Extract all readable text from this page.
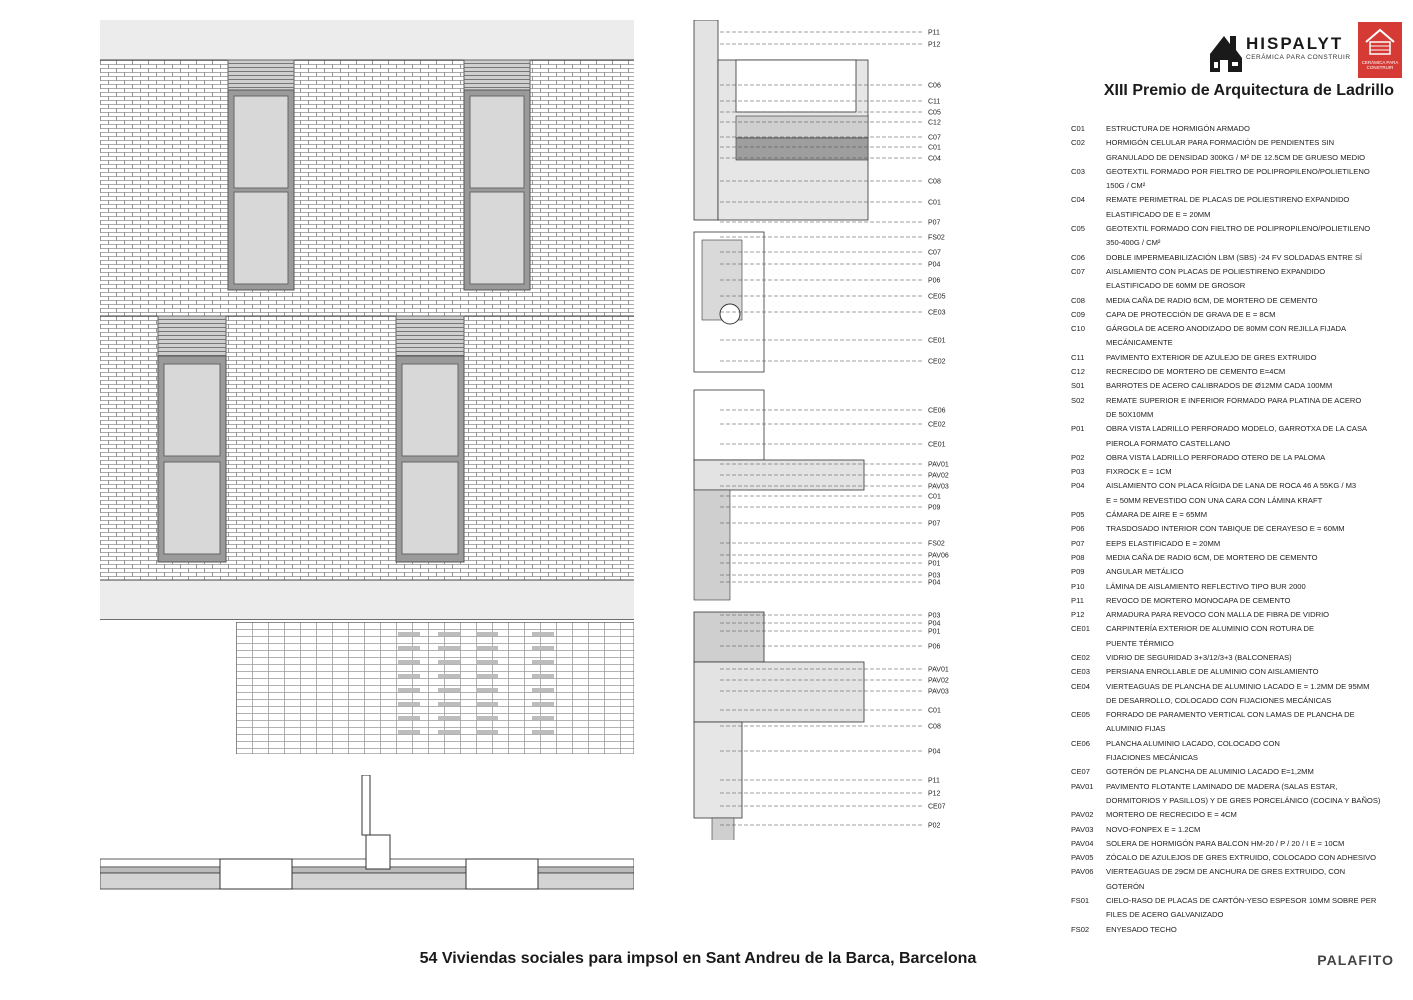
P11
P12
C06
C11
C05
C12
C07
C01
C04
C08
C01
P07
FS02
C07
P04
P06
CE05
CE03
CE01
CE02
CE06
CE02
CE01
PAV01
PAV02
PAV03
C01
P09
P07
FS02
PAV06
P01
P03
P04
P03
P04
P01
P06
PAV01
PAV02
PAV03
C01
C08
P04
P11
P12
CE07
P02
HISPALYT
CERÁMICA PARA CONSTRUIR
CERÁMICA PARA CONSTRUIR
XIII Premio de Arquitectura de Ladrillo
C01	ESTRUCTURA DE HORMIGÓN ARMADO
C02	HORMIGÓN CELULAR PARA FORMACIÓN DE PENDIENTES SIN
GRANULADO DE DENSIDAD 300KG / M² DE 12.5CM DE GRUESO MEDIO
C03	GEOTEXTIL FORMADO POR FIELTRO DE POLIPROPILENO/POLIETILENO
150G / CM²
C04	REMATE PERIMETRAL DE PLACAS DE POLIESTIRENO EXPANDIDO
ELASTIFICADO DE E = 20MM
C05	GEOTEXTIL FORMADO CON FIELTRO DE POLIPROPILENO/POLIETILENO
350-400G / CM²
C06	DOBLE IMPERMEABILIZACIÓN LBM (SBS) -24 FV SOLDADAS ENTRE SÍ
C07	AISLAMIENTO CON PLACAS DE POLIESTIRENO EXPANDIDO
ELASTIFICADO DE 60MM DE GROSOR
C08	MEDIA CAÑA DE RADIO 6CM, DE MORTERO DE CEMENTO
C09	CAPA DE PROTECCIÓN DE GRAVA DE E = 8CM
C10	GÁRGOLA DE ACERO ANODIZADO DE 80MM CON REJILLA FIJADA
MECÁNICAMENTE
C11	PAVIMENTO EXTERIOR DE AZULEJO DE GRES EXTRUIDO
C12	RECRECIDO DE MORTERO DE CEMENTO E=4CM
S01	BARROTES DE ACERO CALIBRADOS DE Ø12MM CADA 100MM
S02	REMATE SUPERIOR E INFERIOR FORMADO PARA PLATINA DE ACERO
DE 50X10MM
P01	OBRA VISTA LADRILLO PERFORADO MODELO, GARROTXA DE LA CASA
PIEROLA FORMATO CASTELLANO
P02	OBRA VISTA LADRILLO PERFORADO OTERO DE LA PALOMA
P03	FIXROCK E = 1CM
P04	AISLAMIENTO CON PLACA RÍGIDA DE LANA DE ROCA 46 A 55KG / M3
E = 50MM REVESTIDO CON UNA CARA CON LÁMINA KRAFT
P05	CÁMARA DE AIRE E = 65MM
P06	TRASDOSADO INTERIOR CON TABIQUE DE CERAYESO E = 60MM
P07	EEPS ELASTIFICADO E = 20MM
P08	MEDIA CAÑA DE RADIO 6CM, DE MORTERO DE CEMENTO
P09	ANGULAR METÁLICO
P10	LÁMINA DE AISLAMIENTO REFLECTIVO TIPO BUR 2000
P11	REVOCO DE MORTERO MONOCAPA DE CEMENTO
P12	ARMADURA PARA REVOCO CON MALLA DE FIBRA DE VIDRIO
CE01	CARPINTERÍA EXTERIOR DE ALUMINIO CON ROTURA DE
PUENTE TÉRMICO
CE02	VIDRIO DE SEGURIDAD 3+3/12/3+3 (BALCONERAS)
CE03	PERSIANA ENROLLABLE DE ALUMINIO CON AISLAMIENTO
CE04	VIERTEAGUAS DE PLANCHA DE ALUMINIO LACADO E = 1.2MM DE 95MM
DE DESARROLLO, COLOCADO CON FIJACIONES MECÁNICAS
CE05	FORRADO DE PARAMENTO VERTICAL CON LAMAS DE PLANCHA DE
ALUMINIO FIJAS
CE06	PLANCHA ALUMINIO LACADO, COLOCADO CON
FIJACIONES MECÁNICAS
CE07	GOTERÓN DE PLANCHA DE ALUMINIO LACADO E=1,2MM
PAV01	PAVIMENTO FLOTANTE LAMINADO DE MADERA (SALAS ESTAR,
DORMITORIOS Y PASILLOS) Y DE GRES PORCELÁNICO (COCINA Y BAÑOS)
PAV02	MORTERO DE RECRECIDO E = 4CM
PAV03	NOVO-FONPEX E = 1.2CM
PAV04	SOLERA DE HORMIGÓN PARA BALCON HM-20 / P / 20 / I E = 10CM
PAV05	ZÓCALO DE AZULEJOS DE GRES EXTRUIDO, COLOCADO CON ADHESIVO
PAV06	VIERTEAGUAS DE 29CM DE ANCHURA DE GRES EXTRUIDO, CON
GOTERÓN
FS01	CIELO-RASO DE PLACAS DE CARTÓN-YESO ESPESOR 10MM SOBRE PER
FILES DE ACERO GALVANIZADO
FS02	ENYESADO TECHO
54 Viviendas sociales para impsol en Sant Andreu de la Barca, Barcelona	PALAFITO
